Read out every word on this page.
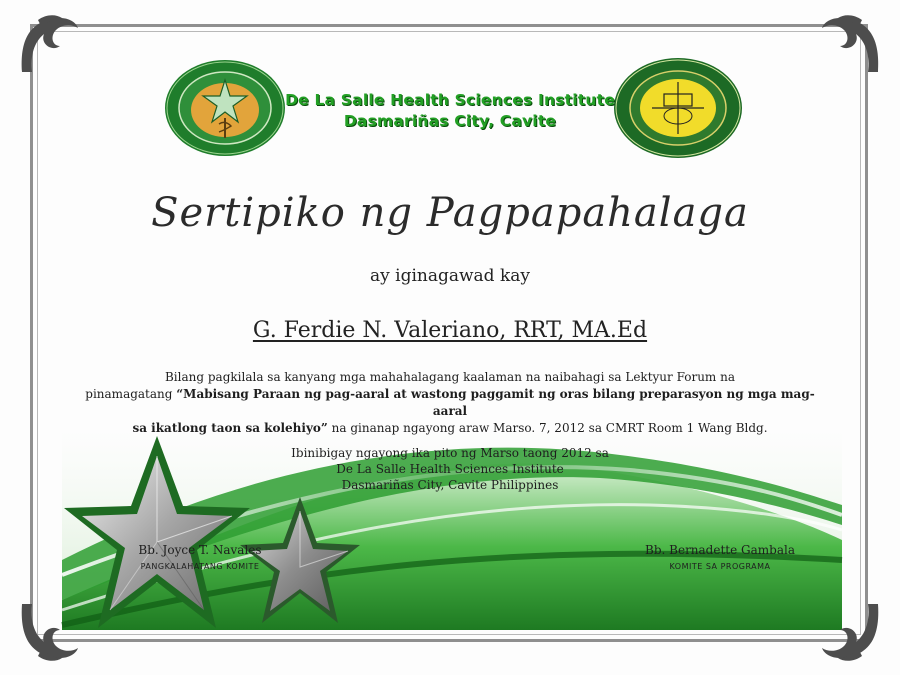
De La Salle Health Sciences Institute
Dasmariñas City, Cavite
Sertipiko ng Pagpapahalaga
ay iginagawad kay
G. Ferdie N. Valeriano, RRT, MA.Ed
Bilang pagkilala sa kanyang mga mahahalagang kaalaman na naibahagi sa Lektyur Forum na
pinamagatang “Mabisang Paraan ng pag-aaral at wastong paggamit ng oras bilang preparasyon ng mga mag-aaral
sa ikatlong taon sa kolehiyo” na ginanap ngayong araw Marso. 7, 2012 sa CMRT Room 1 Wang Bldg.
Ibinibigay ngayong ika pito ng Marso taong 2012 sa
De La Salle Health Sciences Institute
Dasmariñas City, Cavite Philippines
Bb. Joyce T. Navales
PANGKALAHATANG KOMITE
Bb. Bernadette Gambala
KOMITE SA PROGRAMA
